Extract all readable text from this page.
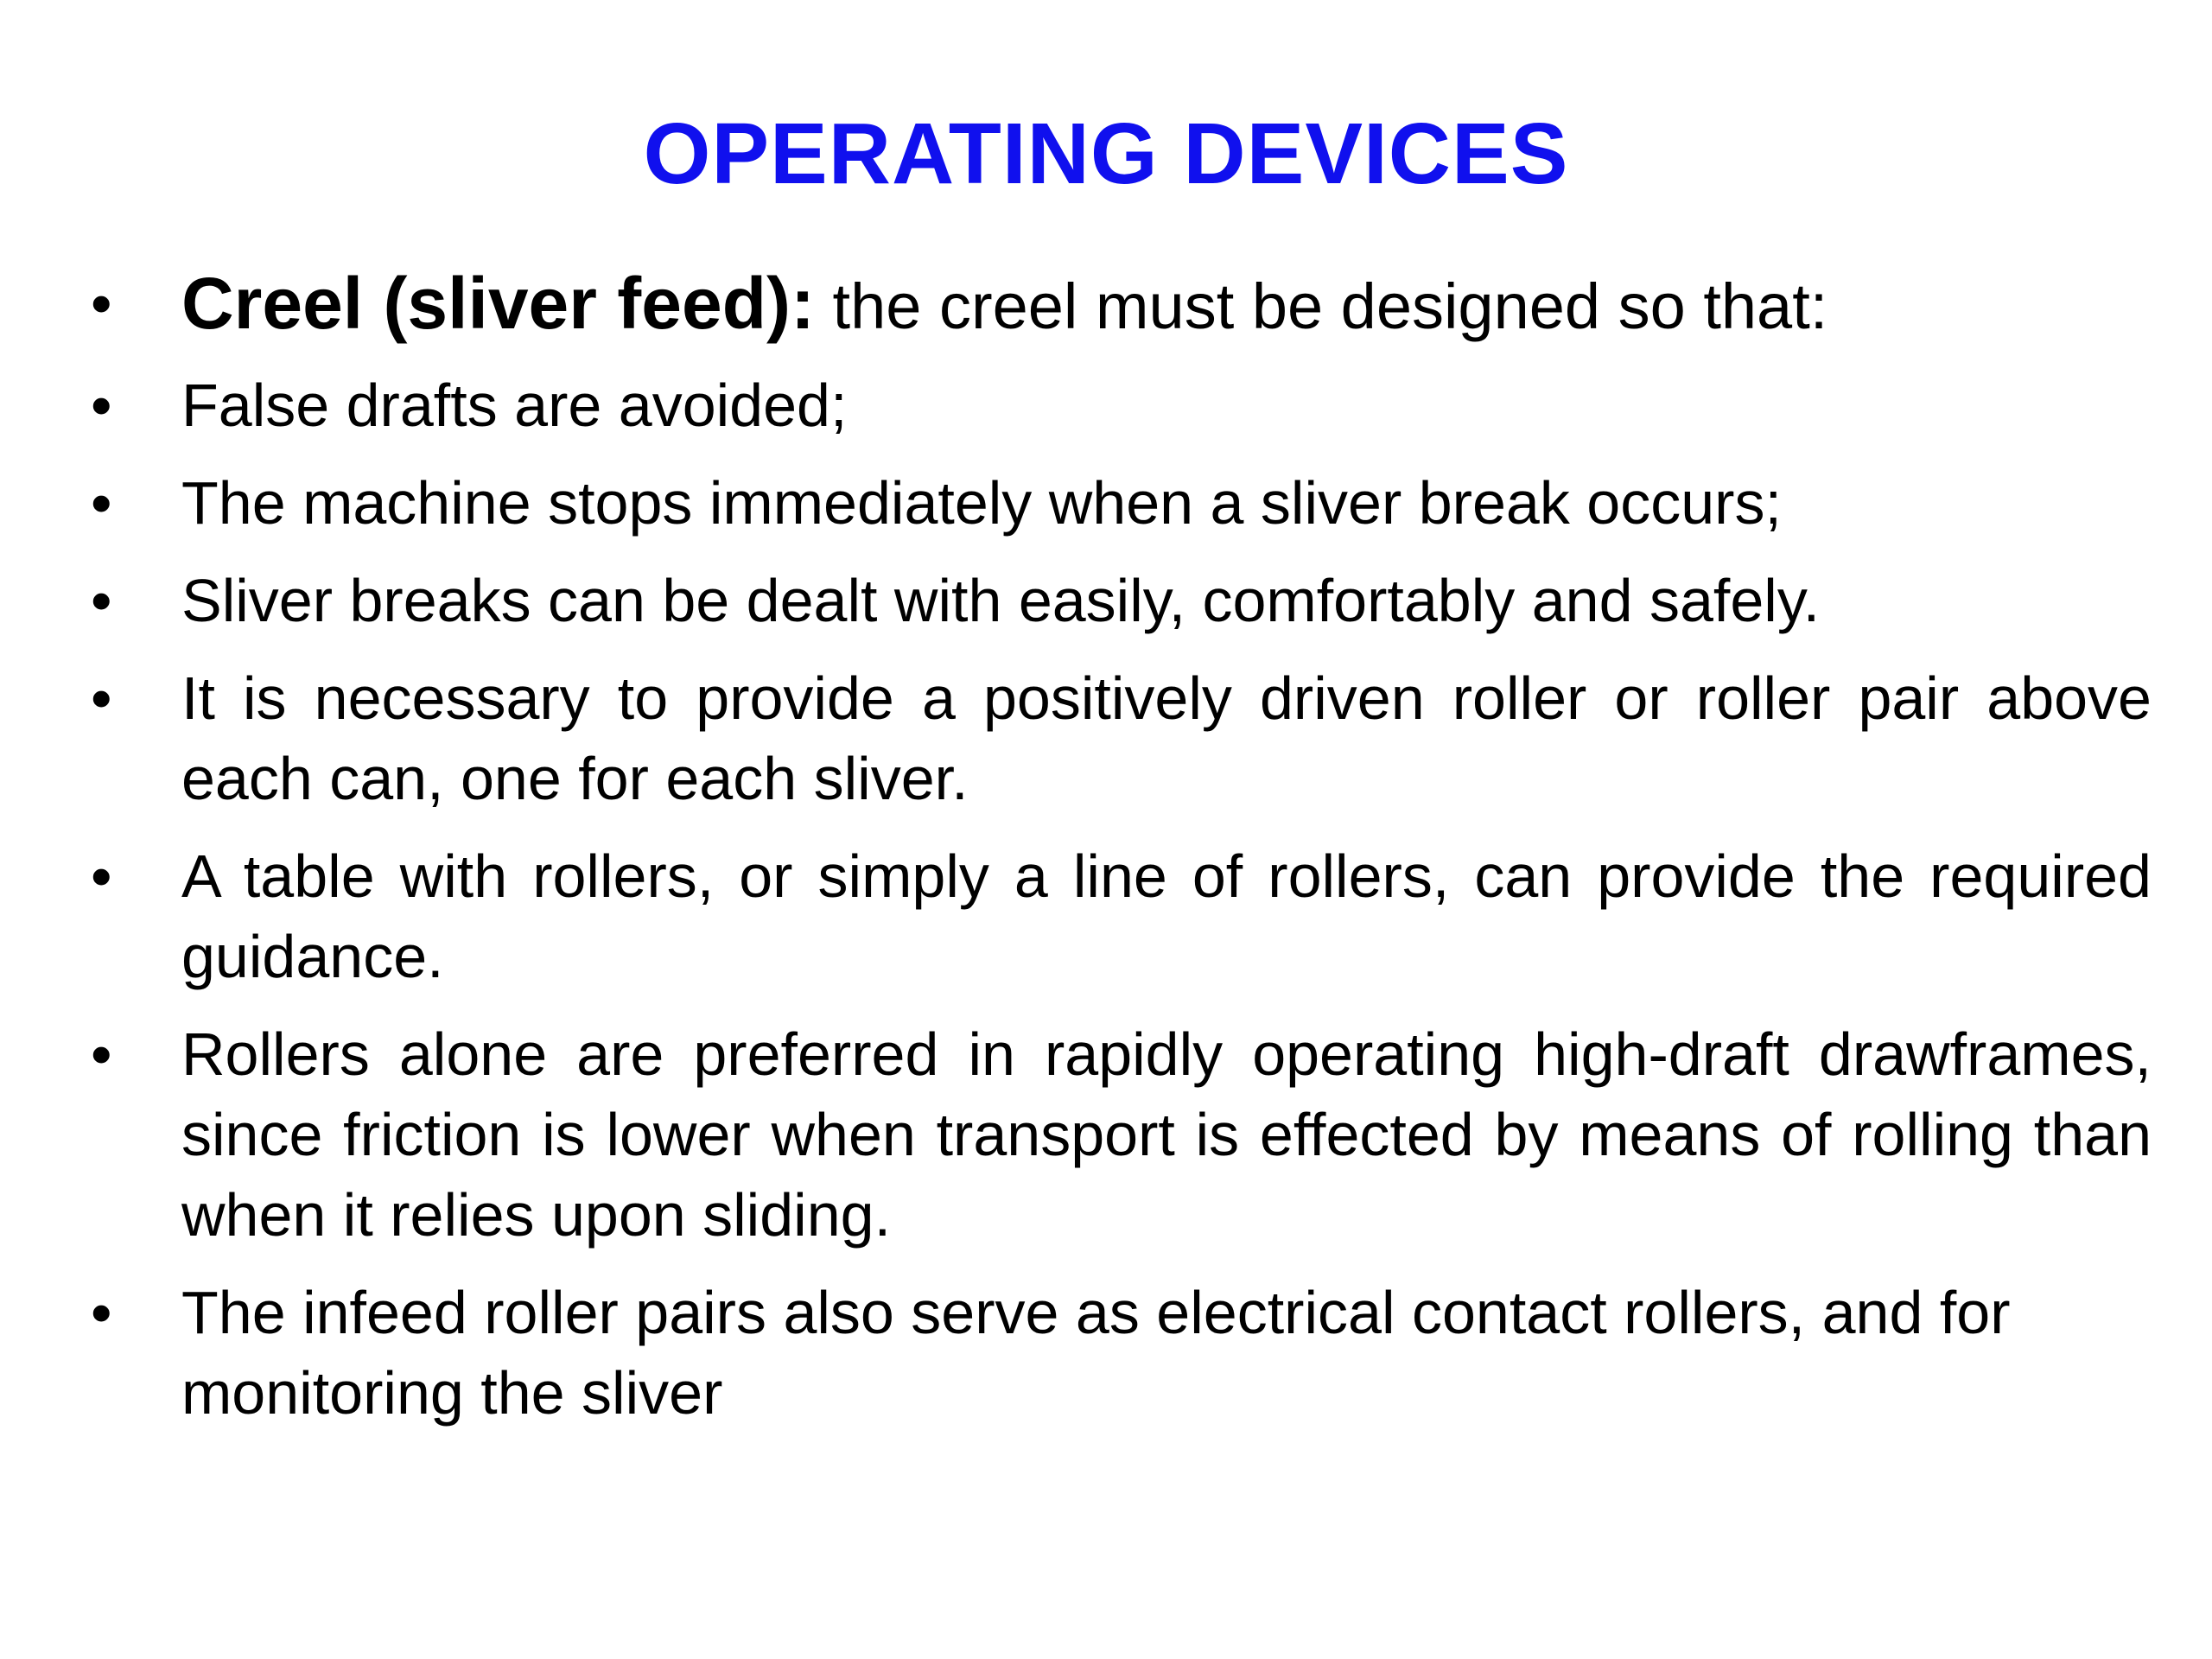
OPERATING DEVICES
• Creel (sliver feed): the creel must be designed so that:
•	False drafts are avoided;
•	The machine stops immediately when a sliver break occurs;
•	Sliver breaks can be dealt with easily, comfortably and safely.
•	It is necessary to provide a positively driven roller or roller pair above each can, one for each sliver.
•	A table with rollers, or simply a line of rollers, can provide the required guidance.
•	Rollers alone are preferred in rapidly operating high-draft drawframes, since friction is lower when transport is effected by means of rolling than when it relies upon sliding.
•	The infeed roller pairs also serve as electrical contact rollers, and for monitoring the sliver
